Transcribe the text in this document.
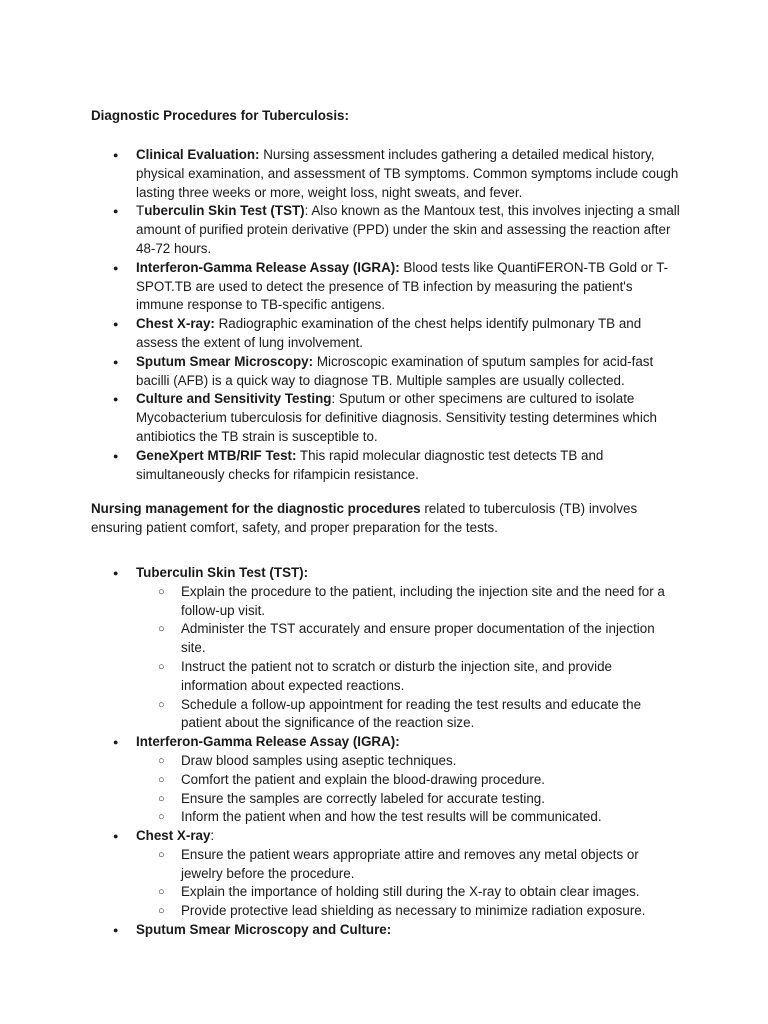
Diagnostic Procedures for Tuberculosis:

● Clinical Evaluation: Nursing assessment includes gathering a detailed medical history, physical examination, and assessment of TB symptoms. Common symptoms include cough lasting three weeks or more, weight loss, night sweats, and fever.
● Tuberculin Skin Test (TST): Also known as the Mantoux test, this involves injecting a small amount of purified protein derivative (PPD) under the skin and assessing the reaction after 48-72 hours.
● Interferon-Gamma Release Assay (IGRA): Blood tests like QuantiFERON-TB Gold or T-SPOT.TB are used to detect the presence of TB infection by measuring the patient's immune response to TB-specific antigens.
● Chest X-ray: Radiographic examination of the chest helps identify pulmonary TB and assess the extent of lung involvement.
● Sputum Smear Microscopy: Microscopic examination of sputum samples for acid-fast bacilli (AFB) is a quick way to diagnose TB. Multiple samples are usually collected.
● Culture and Sensitivity Testing: Sputum or other specimens are cultured to isolate Mycobacterium tuberculosis for definitive diagnosis. Sensitivity testing determines which antibiotics the TB strain is susceptible to.
● GeneXpert MTB/RIF Test: This rapid molecular diagnostic test detects TB and simultaneously checks for rifampicin resistance.

Nursing management for the diagnostic procedures related to tuberculosis (TB) involves ensuring patient comfort, safety, and proper preparation for the tests.

● Tuberculin Skin Test (TST):
○ Explain the procedure to the patient, including the injection site and the need for a follow-up visit.
○ Administer the TST accurately and ensure proper documentation of the injection site.
○ Instruct the patient not to scratch or disturb the injection site, and provide information about expected reactions.
○ Schedule a follow-up appointment for reading the test results and educate the patient about the significance of the reaction size.
● Interferon-Gamma Release Assay (IGRA):
○ Draw blood samples using aseptic techniques.
○ Comfort the patient and explain the blood-drawing procedure.
○ Ensure the samples are correctly labeled for accurate testing.
○ Inform the patient when and how the test results will be communicated.
● Chest X-ray:
○ Ensure the patient wears appropriate attire and removes any metal objects or jewelry before the procedure.
○ Explain the importance of holding still during the X-ray to obtain clear images.
○ Provide protective lead shielding as necessary to minimize radiation exposure.
● Sputum Smear Microscopy and Culture:
